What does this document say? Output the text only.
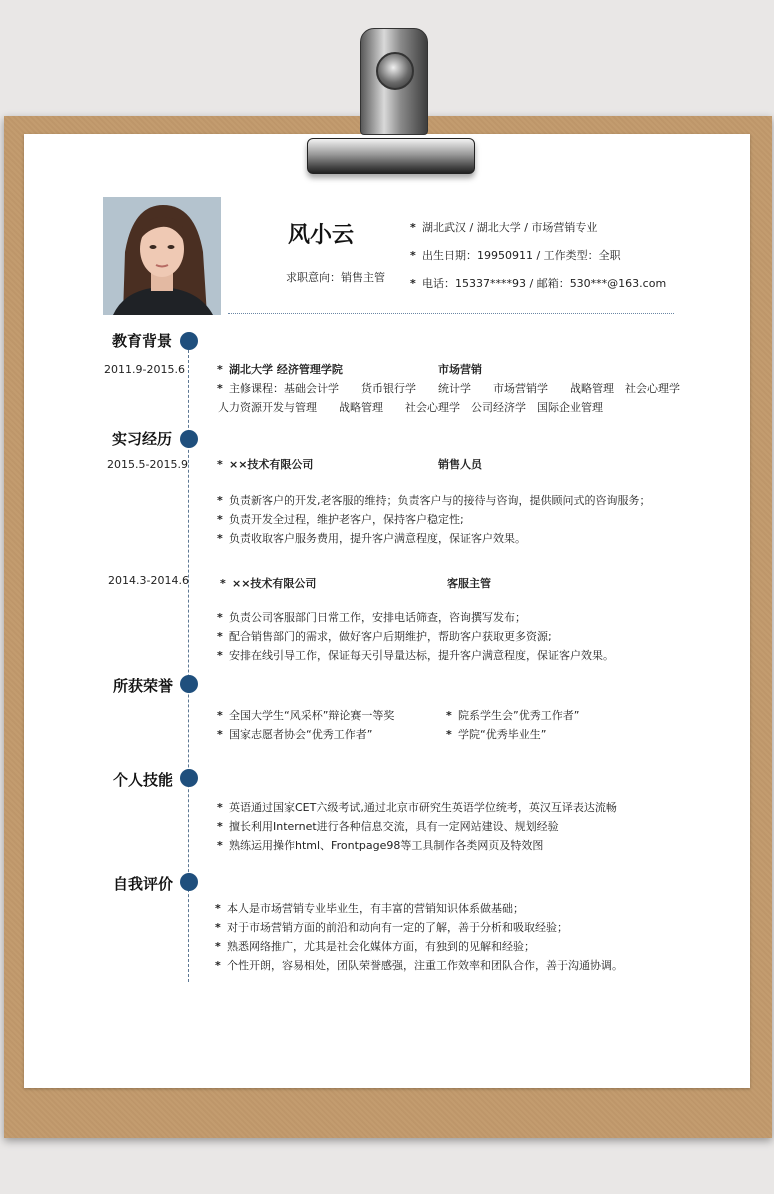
风小云
求职意向：销售主管
* 湖北武汉 / 湖北大学 / 市场营销专业
* 出生日期：19950911 / 工作类型：全职
* 电话：15337****93 / 邮箱：530***@163.com
教育背景
2011.9-2015.6	* 湖北大学 经济管理学院	市场营销
* 主修课程：基础会计学　　货币银行学　　统计学　　市场营销学　　战略管理　社会心理学
人力资源开发与管理　　战略管理　　社会心理学　公司经济学　国际企业管理
实习经历
2015.5-2015.9	* ××技术有限公司	销售人员
* 负责新客户的开发,老客服的维持；负责客户与的接待与咨询，提供顾问式的咨询服务；
* 负责开发全过程，维护老客户，保持客户稳定性;
* 负责收取客户服务费用，提升客户满意程度，保证客户效果。
2014.3-2014.6	* ××技术有限公司	客服主管
* 负责公司客服部门日常工作，安排电话筛查，咨询撰写发布；
* 配合销售部门的需求，做好客户后期维护，帮助客户获取更多资源;
* 安排在线引导工作，保证每天引导量达标，提升客户满意程度，保证客户效果。
所获荣誉
* 全国大学生“风采杯”辩论赛一等奖	* 院系学生会”优秀工作者”
* 国家志愿者协会“优秀工作者”	* 学院“优秀毕业生”
个人技能
* 英语通过国家CET六级考试,通过北京市研究生英语学位统考，英汉互译表达流畅
* 擅长利用Internet进行各种信息交流，具有一定网站建设、规划经验
* 熟练运用操作html、Frontpage98等工具制作各类网页及特效图
自我评价
* 本人是市场营销专业毕业生，有丰富的营销知识体系做基础；
* 对于市场营销方面的前沿和动向有一定的了解，善于分析和吸取经验；
* 熟悉网络推广，尤其是社会化媒体方面，有独到的见解和经验；
* 个性开朗，容易相处，团队荣誉感强，注重工作效率和团队合作，善于沟通协调。
